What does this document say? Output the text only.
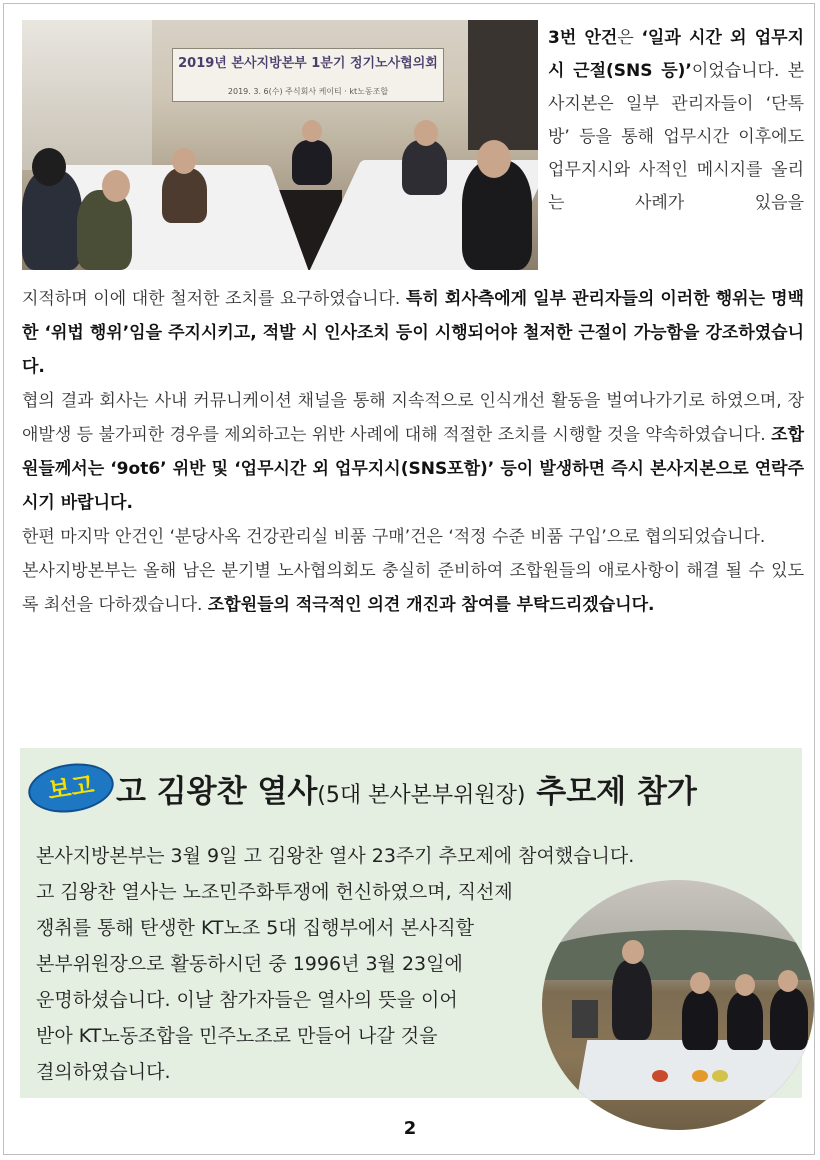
2019년 본사지방본부 1분기 정기노사협의회
2019. 3. 6(수) 주식회사 케이티 · kt노동조합

3번 안건은 ‘일과 시간 외 업무지시 근절(SNS 등)’이었습니다. 본사지본은 일부 관리자들이 ‘단톡방’ 등을 통해 업무시간 이후에도 업무지시와 사적인 메시지를 올리는 사례가 있음을

지적하며 이에 대한 철저한 조치를 요구하였습니다. 특히 회사측에게 일부 관리자들의 이러한 행위는 명백한 ‘위법 행위’임을 주지시키고, 적발 시 인사조치 등이 시행되어야 철저한 근절이 가능함을 강조하였습니다.

협의 결과 회사는 사내 커뮤니케이션 채널을 통해 지속적으로 인식개선 활동을 벌여나가기로 하였으며, 장애발생 등 불가피한 경우를 제외하고는 위반 사례에 대해 적절한 조치를 시행할 것을 약속하였습니다. 조합원들께서는 ‘9ot6’ 위반 및 ‘업무시간 외 업무지시(SNS포함)’ 등이 발생하면 즉시 본사지본으로 연락주시기 바랍니다.

한편 마지막 안건인 ‘분당사옥 건강관리실 비품 구매’건은 ‘적정 수준 비품 구입’으로 협의되었습니다.

본사지방본부는 올해 남은 분기별 노사협의회도 충실히 준비하여 조합원들의 애로사항이 해결 될 수 있도록 최선을 다하겠습니다. 조합원들의 적극적인 의견 개진과 참여를 부탁드리겠습니다.

보고 고 김왕찬 열사(5대 본사본부위원장) 추모제 참가

본사지방본부는 3월 9일 고 김왕찬 열사 23주기 추모제에 참여했습니다.

고 김왕찬 열사는 노조민주화투쟁에 헌신하였으며, 직선제

쟁취를 통해 탄생한 KT노조 5대 집행부에서 본사직할

본부위원장으로 활동하시던 중 1996년 3월 23일에

운명하셨습니다. 이날 참가자들은 열사의 뜻을 이어

받아 KT노동조합을 민주노조로 만들어 나갈 것을

결의하였습니다.

2
